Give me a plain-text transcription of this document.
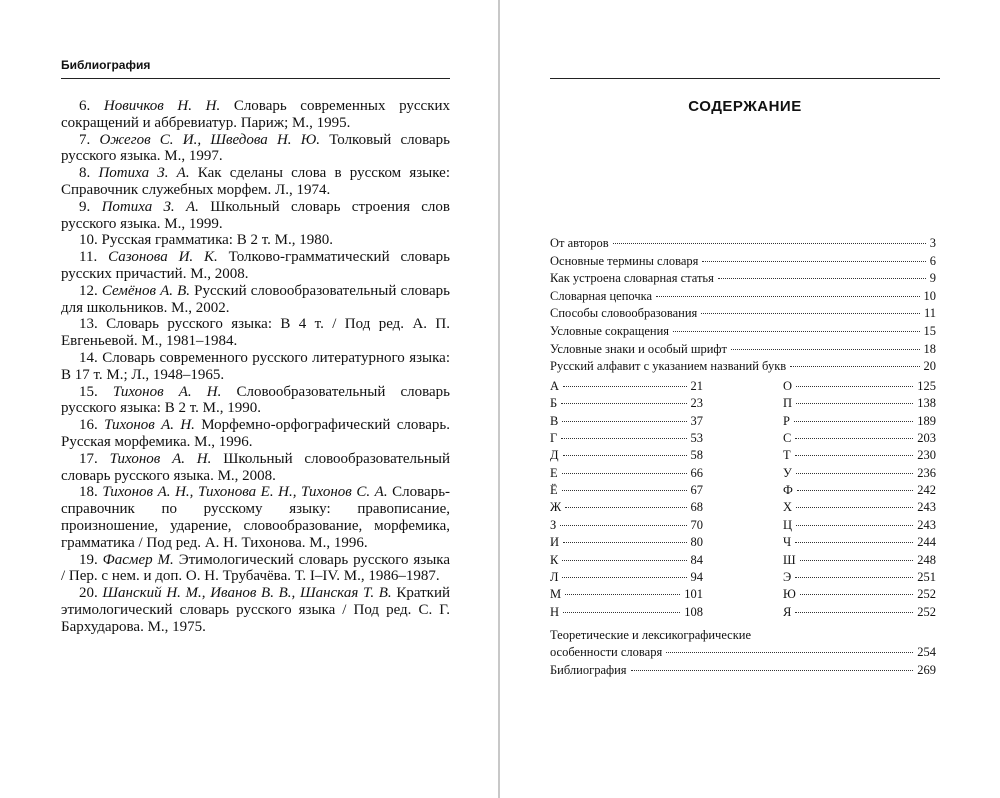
Библиография

6. Новичков Н. Н. Словарь современных русских сокращений и аббревиатур. Париж; М., 1995.

7. Ожегов С. И., Шведова Н. Ю. Толковый словарь русского языка. М., 1997.

8. Потиха З. А. Как сделаны слова в русском языке: Справочник служебных морфем. Л., 1974.

9. Потиха З. А. Школьный словарь строения слов русского языка. М., 1999.

10. Русская грамматика: В 2 т. М., 1980.

11. Сазонова И. К. Толково-грамматический словарь русских причастий. М., 2008.

12. Семёнов А. В. Русский словообразовательный словарь для школьников. М., 2002.

13. Словарь русского языка: В 4 т. / Под ред. А. П. Евгеньевой. М., 1981–1984.

14. Словарь современного русского литературного языка: В 17 т. М.; Л., 1948–1965.

15. Тихонов А. Н. Словообразовательный словарь русского языка: В 2 т. М., 1990.

16. Тихонов А. Н. Морфемно-орфографический словарь. Русская морфемика. М., 1996.

17. Тихонов А. Н. Школьный словообразовательный словарь русского языка. М., 2008.

18. Тихонов А. Н., Тихонова Е. Н., Тихонов С. А. Словарь-справочник по русскому языку: правописание, произношение, ударение, словообразование, морфемика, грамматика / Под ред. А. Н. Тихонова. М., 1996.

19. Фасмер М. Этимологический словарь русского языка / Пер. с нем. и доп. О. Н. Трубачёва. Т. I–IV. М., 1986–1987.

20. Шанский Н. М., Иванов В. В., Шанская Т. В. Краткий этимологический словарь русского языка / Под ред. С. Г. Бархударова. М., 1975.

СОДЕРЖАНИЕ
От авторов	3
Основные термины словаря	6
Как устроена словарная статья	9
Словарная цепочка	10
Способы словообразования	11
Условные сокращения	15
Условные знаки и особый шрифт	18
Русский алфавит с указанием названий букв	20
А	21
Б	23
В	37
Г	53
Д	58
Е	66
Ё	67
Ж	68
З	70
И	80
К	84
Л	94
М	101
Н	108
О	125
П	138
Р	189
С	203
Т	230
У	236
Ф	242
Х	243
Ц	243
Ч	244
Ш	248
Э	251
Ю	252
Я	252
Теоретические и лексикографические
особенности словаря	254
Библиография	269
